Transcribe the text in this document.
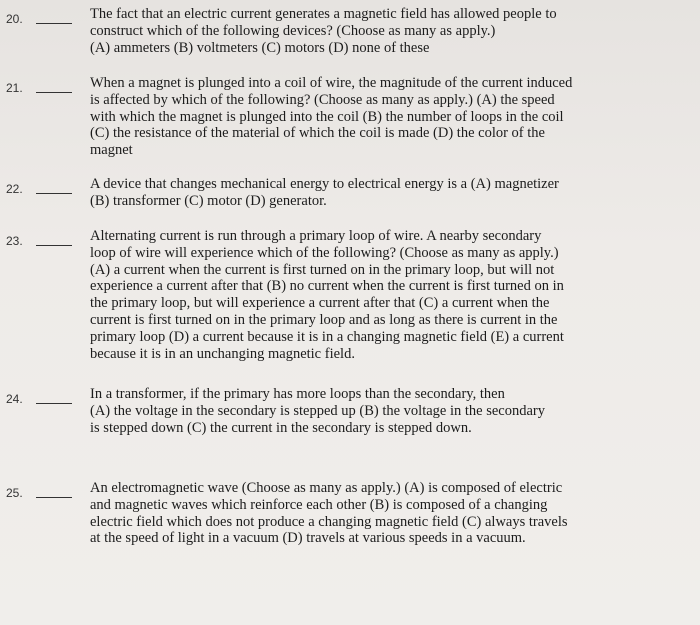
20.	The fact that an electric current generates a magnetic field has allowed people to
construct which of the following devices? (Choose as many as apply.)
(A) ammeters (B) voltmeters (C) motors (D) none of these
21.	When a magnet is plunged into a coil of wire, the magnitude of the current induced
is affected by which of the following? (Choose as many as apply.) (A) the speed
with which the magnet is plunged into the coil (B) the number of loops in the coil
(C) the resistance of the material of which the coil is made (D) the color of the
magnet
22.	A device that changes mechanical energy to electrical energy is a (A) magnetizer
(B) transformer (C) motor (D) generator.
23.	Alternating current is run through a primary loop of wire. A nearby secondary
loop of wire will experience which of the following? (Choose as many as apply.)
(A) a current when the current is first turned on in the primary loop, but will not
experience a current after that (B) no current when the current is first turned on in
the primary loop, but will experience a current after that (C) a current when the
current is first turned on in the primary loop and as long as there is current in the
primary loop (D) a current because it is in a changing magnetic field (E) a current
because it is in an unchanging magnetic field.
24.	In a transformer, if the primary has more loops than the secondary, then
(A) the voltage in the secondary is stepped up (B) the voltage in the secondary
is stepped down (C) the current in the secondary is stepped down.
25.	An electromagnetic wave (Choose as many as apply.) (A) is composed of electric
and magnetic waves which reinforce each other (B) is composed of a changing
electric field which does not produce a changing magnetic field (C) always travels
at the speed of light in a vacuum (D) travels at various speeds in a vacuum.
